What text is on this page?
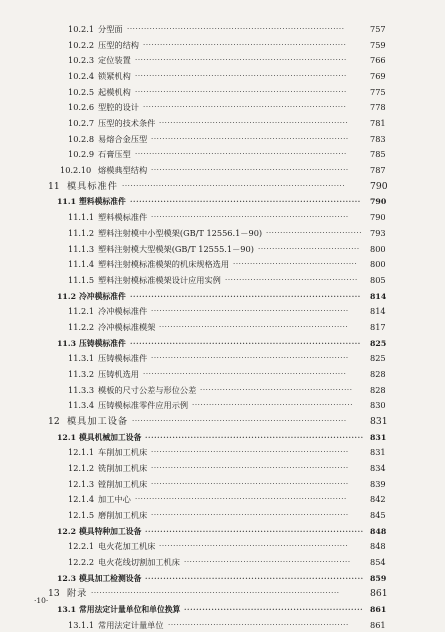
10.2.1 分型面 ·············································································	757
10.2.2 压型的结构 ········································································	759
10.2.3 定位装置 ···········································································	766
10.2.4 锁紧机构 ···········································································	769
10.2.5 起模机构 ···········································································	775
10.2.6 型腔的设计 ········································································	778
10.2.7 压型的技术条件 ···································································	781
10.2.8 易熔合金压型 ······································································	783
10.2.9 石膏压型 ···········································································	785
10.2.10 熔模典型结构 ······································································	787
11 模具标准件 ···············································································	790
11.1 塑料模标准件 ············································································	790
11.1.1 塑料模标准件 ······································································	790
11.1.2 塑料注射模中小型模架(GB/T 12556.1－90) ·································· 793
11.1.3 塑料注射模大型模架(GB/T 12555.1－90) ····································	800
11.1.4 塑料注射模标准模架的机床规格选用 ············································	800
11.1.5 塑料注射模标准模架设计应用实例 ···············································	805
11.2 冷冲模标准件 ············································································	814
11.2.1 冷冲模标准件 ······································································	814
11.2.2 冷冲模标准模架 ···································································	817
11.3 压铸模标准件 ············································································	825
11.3.1 压铸模标准件 ······································································	825
11.3.2 压铸机选用 ········································································	828
11.3.3 模板的尺寸公差与形位公差 ······················································	828
11.3.4 压铸模标准零件应用示例 ·························································	830
12 模具加工设备 ············································································	831
12.1 模具机械加工设备 ········································································ 831
12.1.1 车削加工机床 ······································································	831
12.1.2 铣削加工机床 ······································································	834
12.1.3 镗削加工机床 ······································································	839
12.1.4 加工中心 ···········································································	842
12.1.5 磨削加工机床 ······································································	845
12.2 模具特种加工设备 ········································································ 848
12.2.1 电火花加工机床 ···································································	848
12.2.2 电火花线切割加工机床 ···························································	854
12.3 模具加工检测设备 ········································································ 859
13 附录 ························································································	861
13.1 常用法定计量单位和单位换算 ··························································· 861
13.1.1 常用法定计量单位 ································································	861
·10·
